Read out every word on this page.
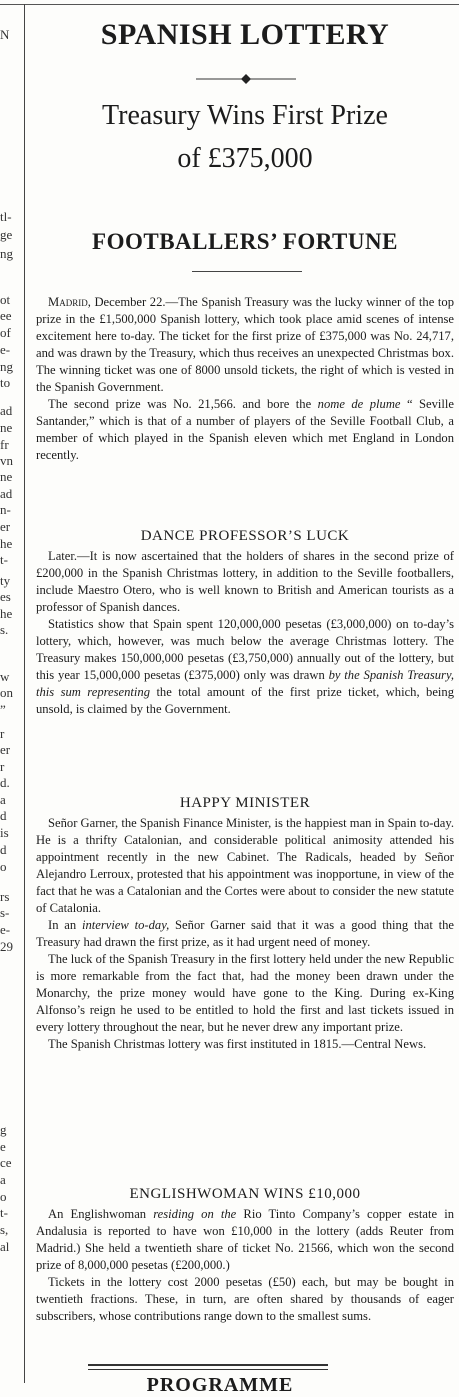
N
tl-
ge
ng
ot
ee
of
e-
ng
to
ad
ne
fr
vn
ne
ad
n-
er
he
t-
ty
es
he
s.
w
on
”
r
er
r
d.
a
d
is
d
o
rs
s-
e-
29
g
e
ce
a
o
t-
s,
al
SPANISH LOTTERY
Treasury Wins First Prize
of £375,000
FOOTBALLERS’ FORTUNE

Madrid, December 22.—The Spanish Treasury was the lucky winner of the top prize in the £1,500,000 Spanish lottery, which took place amid scenes of intense excitement here to-day. The ticket for the first prize of £375,000 was No. 24,717, and was drawn by the Treasury, which thus receives an unexpected Christmas box. The winning ticket was one of 8000 unsold tickets, the right of which is vested in the Spanish Government.

The second prize was No. 21,566. and bore the nome de plume “ Seville Santander,” which is that of a number of players of the Seville Football Club, a member of which played in the Spanish eleven which met England in London recently.

DANCE PROFESSOR’S LUCK

Later.—It is now ascertained that the holders of shares in the second prize of £200,000 in the Spanish Christmas lottery, in addition to the Seville footballers, include Maestro Otero, who is well known to British and American tourists as a professor of Spanish dances.

Statistics show that Spain spent 120,000,000 pesetas (£3,000,000) on to-day’s lottery, which, however, was much below the average Christmas lottery. The Treasury makes 150,000,000 pesetas (£3,750,000) annually out of the lottery, but this year 15,000,000 pesetas (£375,000) only was drawn by the Spanish Treasury, this sum representing the total amount of the first prize ticket, which, being unsold, is claimed by the Government.

HAPPY MINISTER

Señor Garner, the Spanish Finance Minister, is the happiest man in Spain to-day. He is a thrifty Catalonian, and considerable political animosity attended his appointment recently in the new Cabinet. The Radicals, headed by Señor Alejandro Lerroux, protested that his appointment was inopportune, in view of the fact that he was a Catalonian and the Cortes were about to consider the new statute of Catalonia.

In an interview to-day, Señor Garner said that it was a good thing that the Treasury had drawn the first prize, as it had urgent need of money.

The luck of the Spanish Treasury in the first lottery held under the new Republic is more remarkable from the fact that, had the money been drawn under the Monarchy, the prize money would have gone to the King. During ex-King Alfonso’s reign he used to be entitled to hold the first and last tickets issued in every lottery throughout the near, but he never drew any important prize.

The Spanish Christmas lottery was first instituted in 1815.—Central News.

ENGLISHWOMAN WINS £10,000

An Englishwoman residing on the Rio Tinto Company’s copper estate in Andalusia is reported to have won £10,000 in the lottery (adds Reuter from Madrid.) She held a twentieth share of ticket No. 21566, which won the second prize of 8,000,000 pesetas (£200,000.)

Tickets in the lottery cost 2000 pesetas (£50) each, but may be bought in twentieth fractions. These, in turn, are often shared by thousands of eager subscribers, whose contributions range down to the smallest sums.

PROGRAMME
